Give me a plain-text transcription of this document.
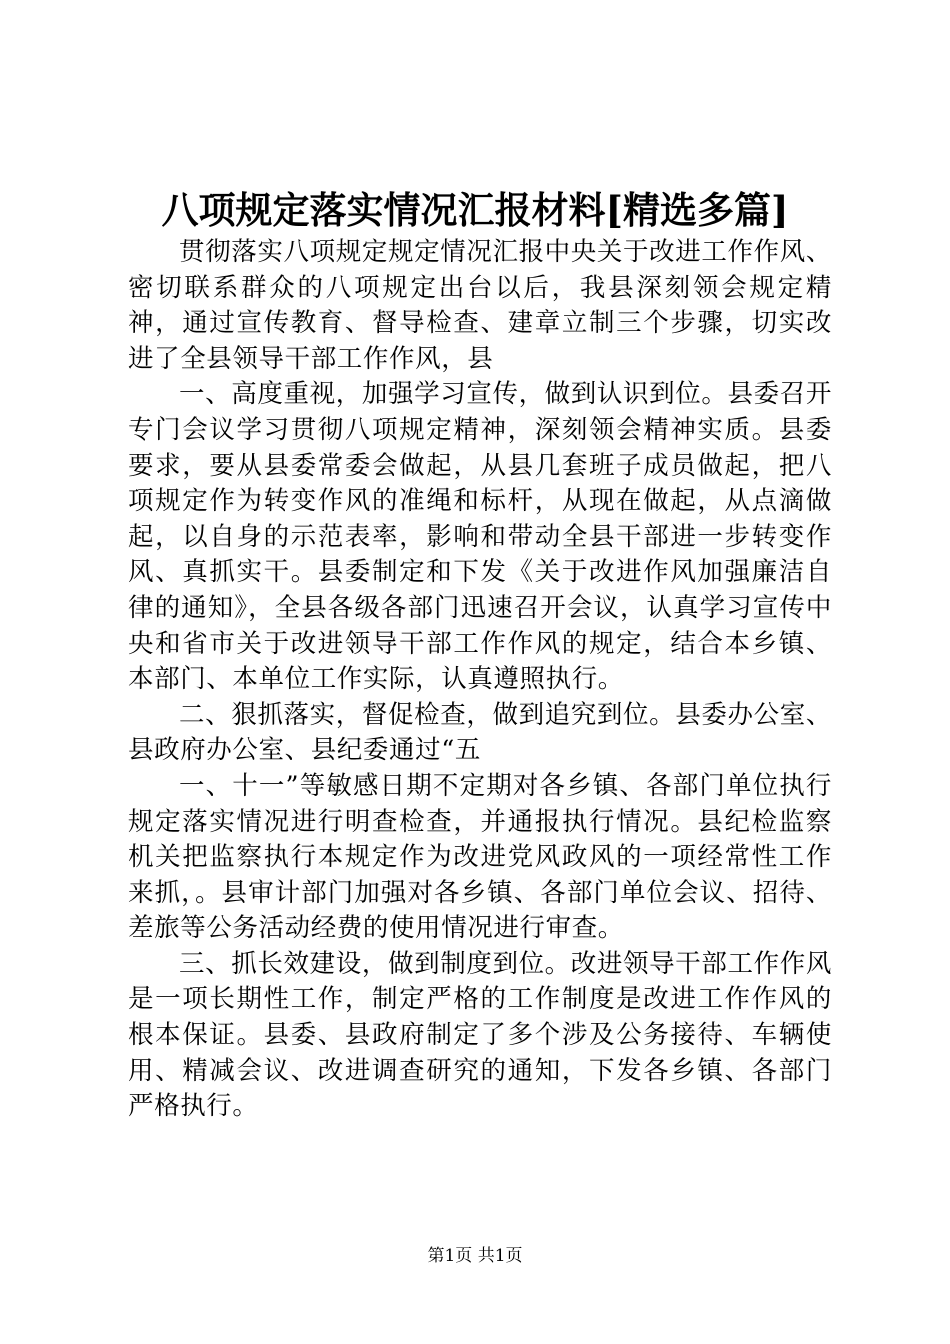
八项规定落实情况汇报材料[精选多篇]

贯彻落实八项规定规定情况汇报中央关于改进工作作风、密切联系群众的八项规定出台以后，我县深刻领会规定精神，通过宣传教育、督导检查、建章立制三个步骤，切实改进了全县领导干部工作作风，县

一、高度重视，加强学习宣传，做到认识到位。县委召开专门会议学习贯彻八项规定精神，深刻领会精神实质。县委要求，要从县委常委会做起，从县几套班子成员做起，把八项规定作为转变作风的准绳和标杆，从现在做起，从点滴做起，以自身的示范表率，影响和带动全县干部进一步转变作风、真抓实干。县委制定和下发《关于改进作风加强廉洁自律的通知》，全县各级各部门迅速召开会议，认真学习宣传中央和省市关于改进领导干部工作作风的规定，结合本乡镇、本部门、本单位工作实际，认真遵照执行。

二、狠抓落实，督促检查，做到追究到位。县委办公室、县政府办公室、县纪委通过“五

一、十一”等敏感日期不定期对各乡镇、各部门单位执行规定落实情况进行明查检查，并通报执行情况。县纪检监察机关把监察执行本规定作为改进党风政风的一项经常性工作来抓，。县审计部门加强对各乡镇、各部门单位会议、招待、差旅等公务活动经费的使用情况进行审查。

三、抓长效建设，做到制度到位。改进领导干部工作作风是一项长期性工作，制定严格的工作制度是改进工作作风的根本保证。县委、县政府制定了多个涉及公务接待、车辆使用、精减会议、改进调查研究的通知，下发各乡镇、各部门严格执行。

第1页 共1页
